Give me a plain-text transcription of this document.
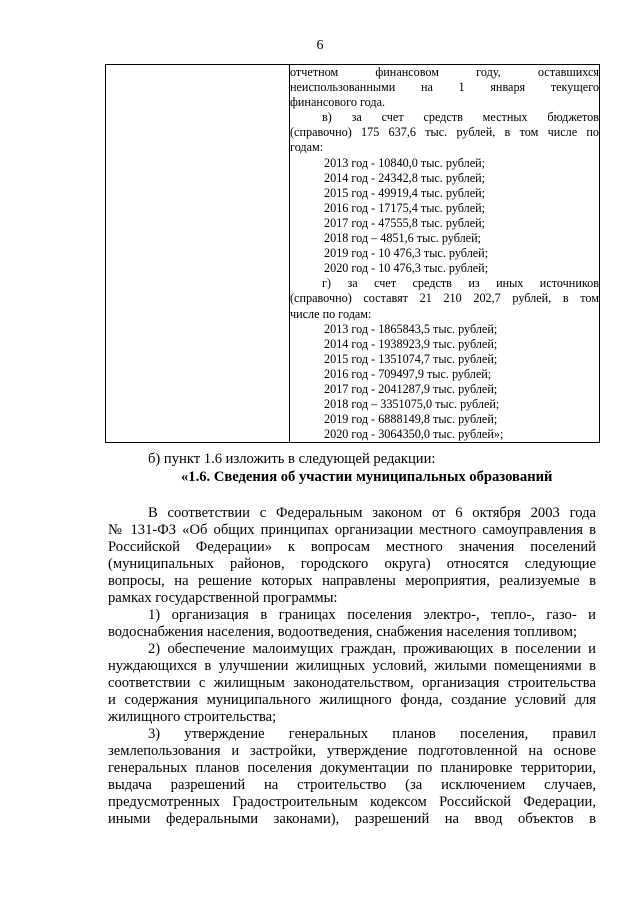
6

отчетном финансовом году, оставшихся
неиспользованными на 1 января текущего
финансового года.
в) за счет средств местных бюджетов
(справочно) 175 637,6 тыс. рублей, в том числе по
годам:
2013 год - 10840,0 тыс. рублей;
2014 год - 24342,8 тыс. рублей;
2015 год - 49919,4 тыс. рублей;
2016 год - 17175,4 тыс. рублей;
2017 год - 47555,8 тыс. рублей;
2018 год – 4851,6 тыс. рублей;
2019 год - 10 476,3 тыс. рублей;
2020 год - 10 476,3 тыс. рублей;
г) за счет средств из иных источников
(справочно) составят 21 210 202,7 рублей, в том
числе по годам:
2013 год - 1865843,5 тыс. рублей;
2014 год - 1938923,9 тыс. рублей;
2015 год - 1351074,7 тыс. рублей;
2016 год - 709497,9 тыс. рублей;
2017 год - 2041287,9 тыс. рублей;
2018 год – 3351075,0 тыс. рублей;
2019 год - 6888149,8 тыс. рублей;
2020 год - 3064350,0 тыс. рублей»;
б) пункт 1.6 изложить в следующей редакции:
«1.6. Сведения об участии муниципальных образований
В соответствии с Федеральным законом от 6 октября 2003 года
№ 131-ФЗ «Об общих принципах организации местного самоуправления в
Российской Федерации» к вопросам местного значения поселений
(муниципальных районов, городского округа) относятся следующие
вопросы, на решение которых направлены мероприятия, реализуемые в
рамках государственной программы:
1) организация в границах поселения электро-, тепло-, газо- и
водоснабжения населения, водоотведения, снабжения населения топливом;
2) обеспечение малоимущих граждан, проживающих в поселении и
нуждающихся в улучшении жилищных условий, жилыми помещениями в
соответствии с жилищным законодательством, организация строительства
и содержания муниципального жилищного фонда, создание условий для
жилищного строительства;
3) утверждение генеральных планов поселения, правил
землепользования и застройки, утверждение подготовленной на основе
генеральных планов поселения документации по планировке территории,
выдача разрешений на строительство (за исключением случаев,
предусмотренных Градостроительным кодексом Российской Федерации,
иными федеральными законами), разрешений на ввод объектов в
